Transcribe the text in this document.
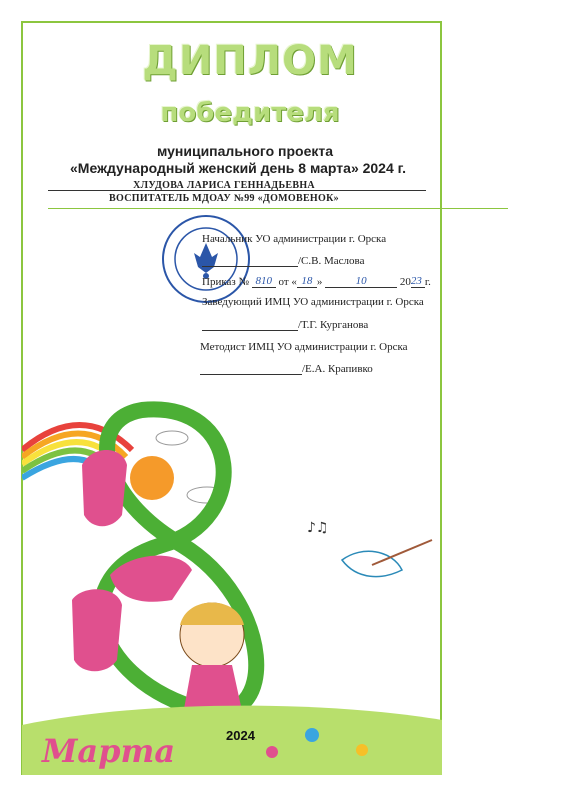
ДИПЛОМ
победителя
муниципального проекта
«Международный женский день 8 марта» 2024 г.
ХЛУДОВА ЛАРИСА ГЕННАДЬЕВНА
ВОСПИТАТЕЛЬ МДОАУ №99 «ДОМОВЕНОК»
Начальник УО администрации г. Орска
/С.В. Маслова
Приказ № 810 от « 18 »	10	2023 г.
Заведующий ИМЦ УО администрации г. Орска
/Т.Г. Курганова
Методист ИМЦ УО администрации г. Орска
/Е.А. Крапивко
♪♫
Марта	2024
